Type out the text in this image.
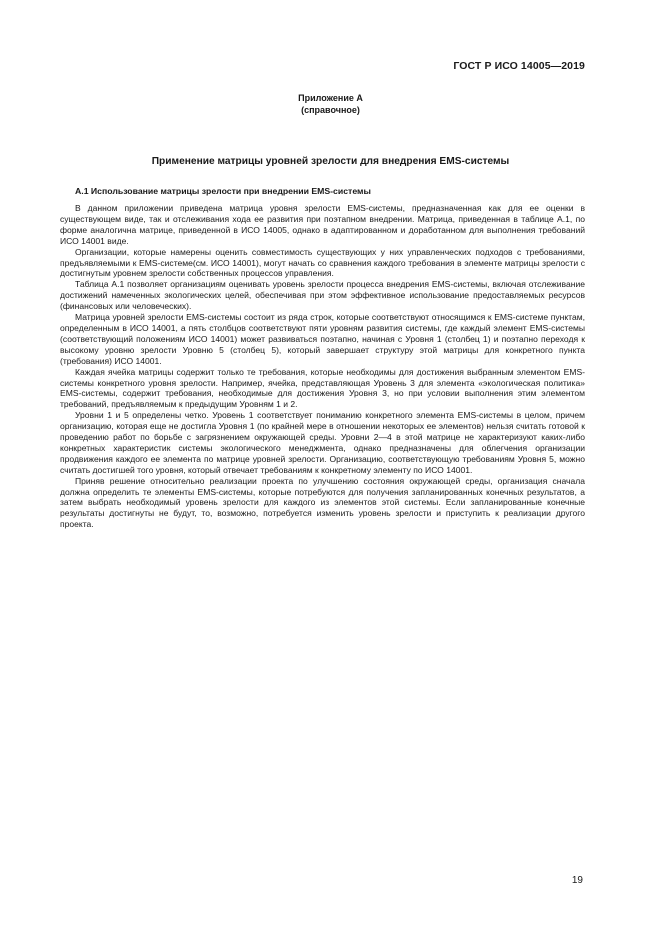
ГОСТ Р ИСО 14005—2019
Приложение А
(справочное)
Применение матрицы уровней зрелости для внедрения EMS-системы
А.1 Использование матрицы зрелости при внедрении EMS-системы

В данном приложении приведена матрица уровня зрелости EMS-системы, предназначенная как для ее оценки в существующем виде, так и отслеживания хода ее развития при поэтапном внедрении. Матрица, приведенная в таблице А.1, по форме аналогична матрице, приведенной в ИСО 14005, однако в адаптированном и доработанном для выполнения требований ИСО 14001 виде.

Организации, которые намерены оценить совместимость существующих у них управленческих подходов с требованиями, предъявляемыми к EMS-системе(см. ИСО 14001), могут начать со сравнения каждого требования в элементе матрицы зрелости с достигнутым уровнем зрелости собственных процессов управления.

Таблица А.1 позволяет организациям оценивать уровень зрелости процесса внедрения EMS-системы, включая отслеживание достижений намеченных экологических целей, обеспечивая при этом эффективное использование предоставляемых ресурсов (финансовых или человеческих).

Матрица уровней зрелости EMS-системы состоит из ряда строк, которые соответствуют относящимся к EMS-системе пунктам, определенным в ИСО 14001, а пять столбцов соответствуют пяти уровням развития системы, где каждый элемент EMS-системы (соответствующий положениям ИСО 14001) может развиваться поэтапно, начиная с Уровня 1 (столбец 1) и поэтапно переходя к высокому уровню зрелости Уровню 5 (столбец 5), который завершает структуру этой матрицы для конкретного пункта (требования) ИСО 14001.

Каждая ячейка матрицы содержит только те требования, которые необходимы для достижения выбранным элементом EMS-системы конкретного уровня зрелости. Например, ячейка, представляющая Уровень 3 для элемента «экологическая политика» EMS-системы, содержит требования, необходимые для достижения Уровня 3, но при условии выполнения этим элементом требований, предъявляемым к предыдущим Уровням 1 и 2.

Уровни 1 и 5 определены четко. Уровень 1 соответствует пониманию конкретного элемента EMS-системы в целом, причем организацию, которая еще не достигла Уровня 1 (по крайней мере в отношении некоторых ее элементов) нельзя считать готовой к проведению работ по борьбе с загрязнением окружающей среды. Уровни 2—4 в этой матрице не характеризуют каких-либо конкретных характеристик системы экологического менеджмента, однако предназначены для облегчения организации продвижения каждого ее элемента по матрице уровней зрелости. Организацию, соответствующую требованиям Уровня 5, можно считать достигшей того уровня, который отвечает требованиям к конкретному элементу по ИСО 14001.

Приняв решение относительно реализации проекта по улучшению состояния окружающей среды, организация сначала должна определить те элементы EMS-системы, которые потребуются для получения запланированных конечных результатов, а затем выбрать необходимый уровень зрелости для каждого из элементов этой системы. Если запланированные конечные результаты достигнуты не будут, то, возможно, потребуется изменить уровень зрелости и приступить к реализации другого проекта.

19
